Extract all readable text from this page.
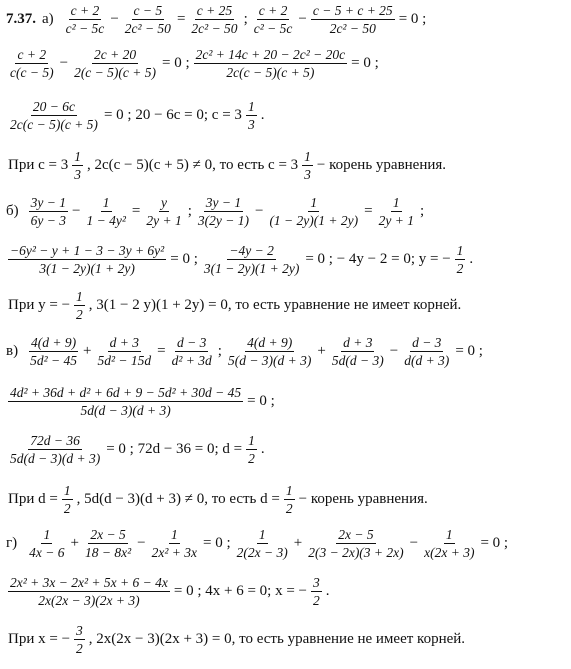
7.37. $а) \frac{c + 2}{\text{c² − 5c}} - \frac{c - 5}{\text{2c² − 50}} = \frac{c + 25}{\text{2c² − 50}}$ ; $\frac{c + 2}{\text{c² − 5c}} - \frac{c - 5 + c + 25}{\text{2c² − 50}} = 0$ ;
$\frac{c + 2}{c(c - 5)} - \frac{2c + 20}{2(c - 5)(c + 5)} = 0$ ; $\frac{\text{2c² + 14c + 20 − 2c² − 20c}}{2c(c - 5)(c + 5)} = 0$ ;
$\frac{20 - 6c}{2c(c - 5)(c + 5)} = 0$ ; 20 − 6c = 0; $c = 3 \frac{1}{3}$ .
При $c = 3 \frac{1}{3}$ , 2c(c − 5)(c + 5) ≠ 0, то есть $c = 3 \frac{1}{3}$ − корень уравнения.
$б) \frac{3y - 1}{6y - 3} - \frac{1}{\text{1 − 4y²}} = \frac{y}{2y + 1}$ ; $\frac{3y - 1}{3(2y - 1)} - \frac{1}{(1 - 2y)(1 + 2y)} = \frac{1}{2y + 1}$ ;
$\frac{\text{−6y² − y + 1 − 3 − 3y + 6y²}}{3(1 - 2y)(1 + 2y)} = 0$ ; $\frac{-4y - 2}{3(1 - 2y)(1 + 2y)} = 0$ ; − 4y − 2 = 0; y = − $\frac{1}{2}$ .
При y = − $\frac{1}{2}$ , 3(1 − 2 y)(1 + 2y) = 0, то есть уравнение не имеет корней.
$в) \frac{4(d + 9)}{\text{5d² − 45}} + \frac{d + 3}{\text{5d² − 15d}} = \frac{d - 3}{\text{d² + 3d}}$ ; $\frac{4(d + 9)}{5(d - 3)(d + 3)} + \frac{d + 3}{5d(d - 3)} - \frac{d - 3}{d(d + 3)} = 0$ ;
$\frac{\text{4d² + 36d + d² + 6d + 9 − 5d² + 30d − 45}}{5d(d - 3)(d + 3)} = 0$ ;
$\frac{72d - 36}{5d(d - 3)(d + 3)} = 0$ ; 72d − 36 = 0; $d = \frac{1}{2}$ .
При $d = \frac{1}{2}$ , 5d(d − 3)(d + 3) ≠ 0, то есть $d = \frac{1}{2}$ − корень уравнения.
$г) \frac{1}{4x - 6} + \frac{2x - 5}{\text{18 − 8x²}} - \frac{1}{\text{2x² + 3x}} = 0$ ; $\frac{1}{2(2x - 3)} + \frac{2x - 5}{2(3 - 2x)(3 + 2x)} - \frac{1}{x(2x + 3)} = 0$ ;
$\frac{\text{2x² + 3x − 2x² + 5x + 6 − 4x}}{2x(2x - 3)(2x + 3)} = 0$ ; 4x + 6 = 0; x = − $\frac{3}{2}$ .
При x = − $\frac{3}{2}$ , 2x(2x − 3)(2x + 3) = 0, то есть уравнение не имеет корней.
